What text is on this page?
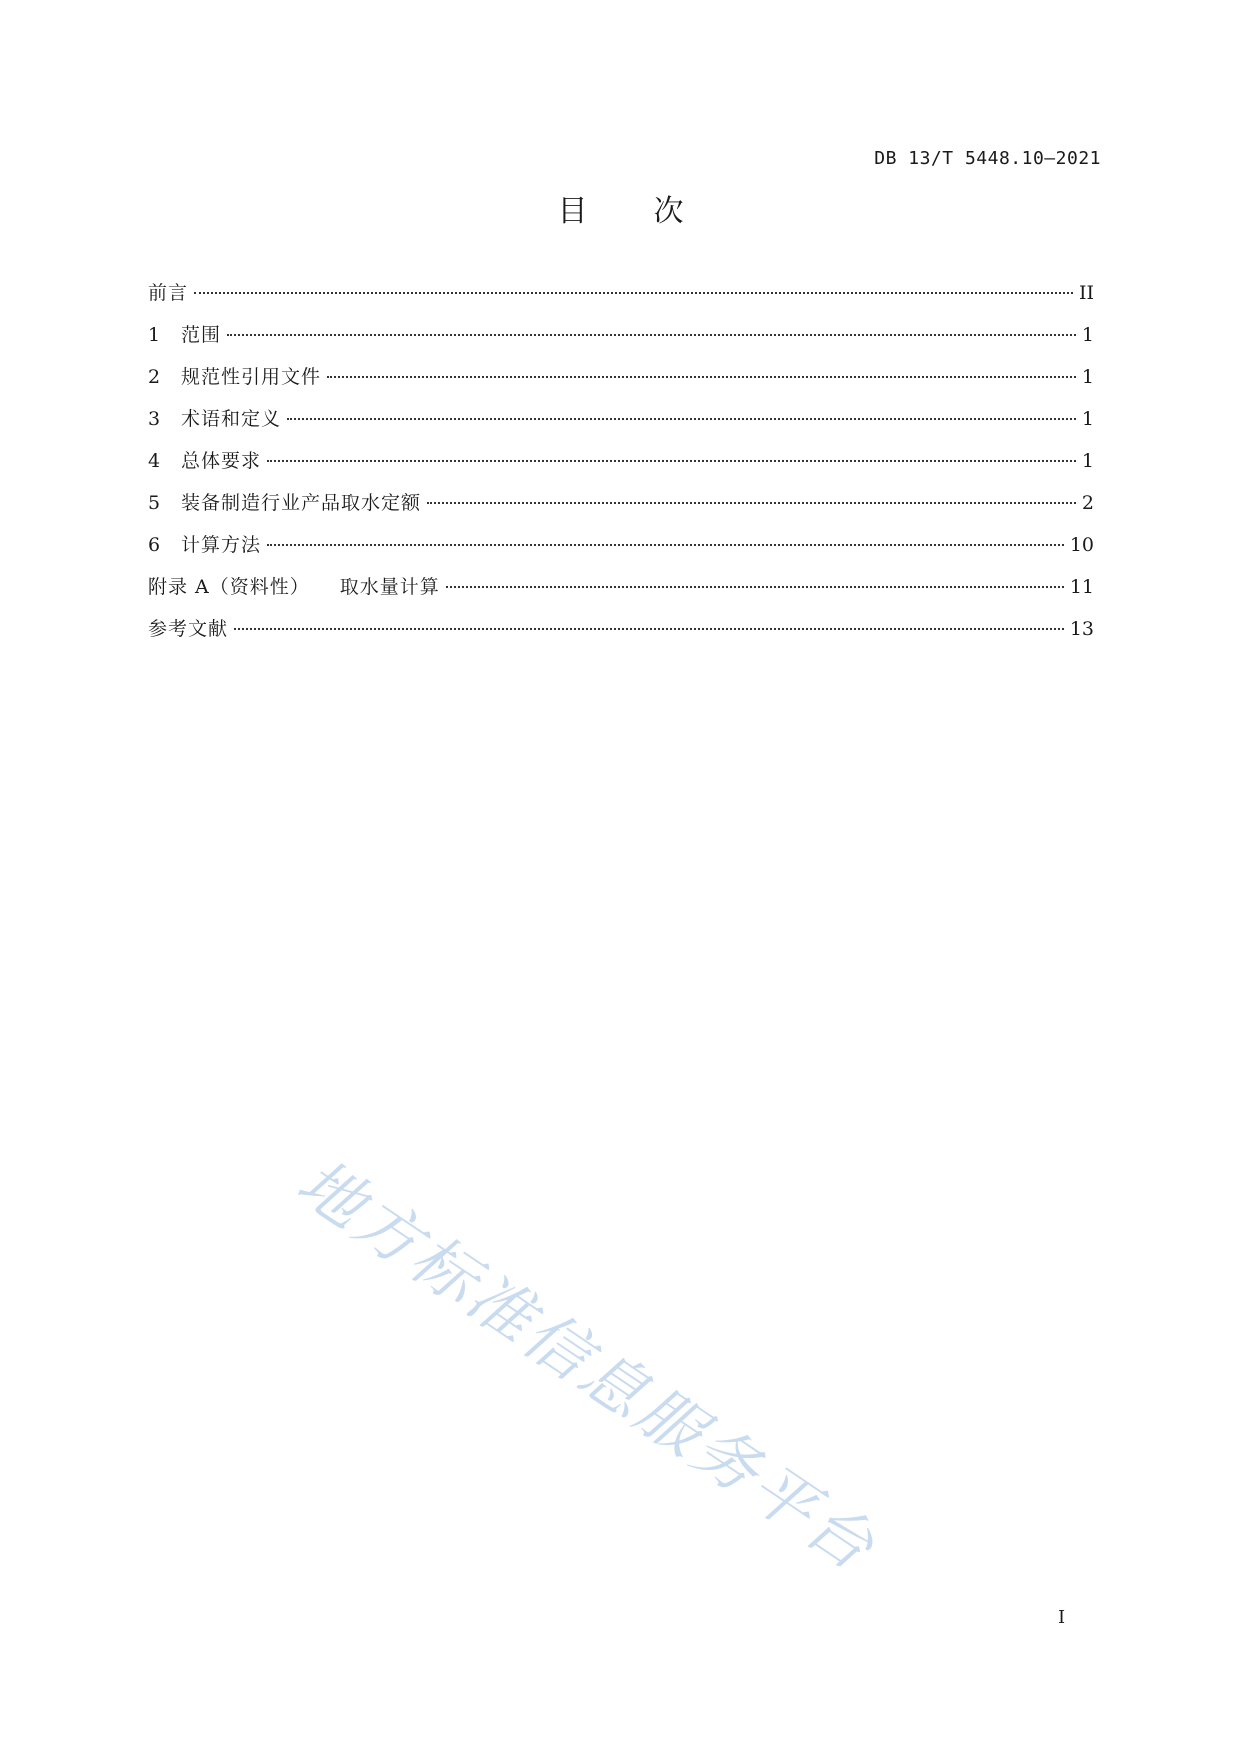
DB 13/T 5448.10—2021
目 次
前言	II
1	范围	1
2	规范性引用文件	1
3	术语和定义	1
4	总体要求	1
5	装备制造行业产品取水定额	2
6	计算方法	10
附录 A（资料性） 取水量计算	11
参考文献	13
地方标准信息服务平台
I
